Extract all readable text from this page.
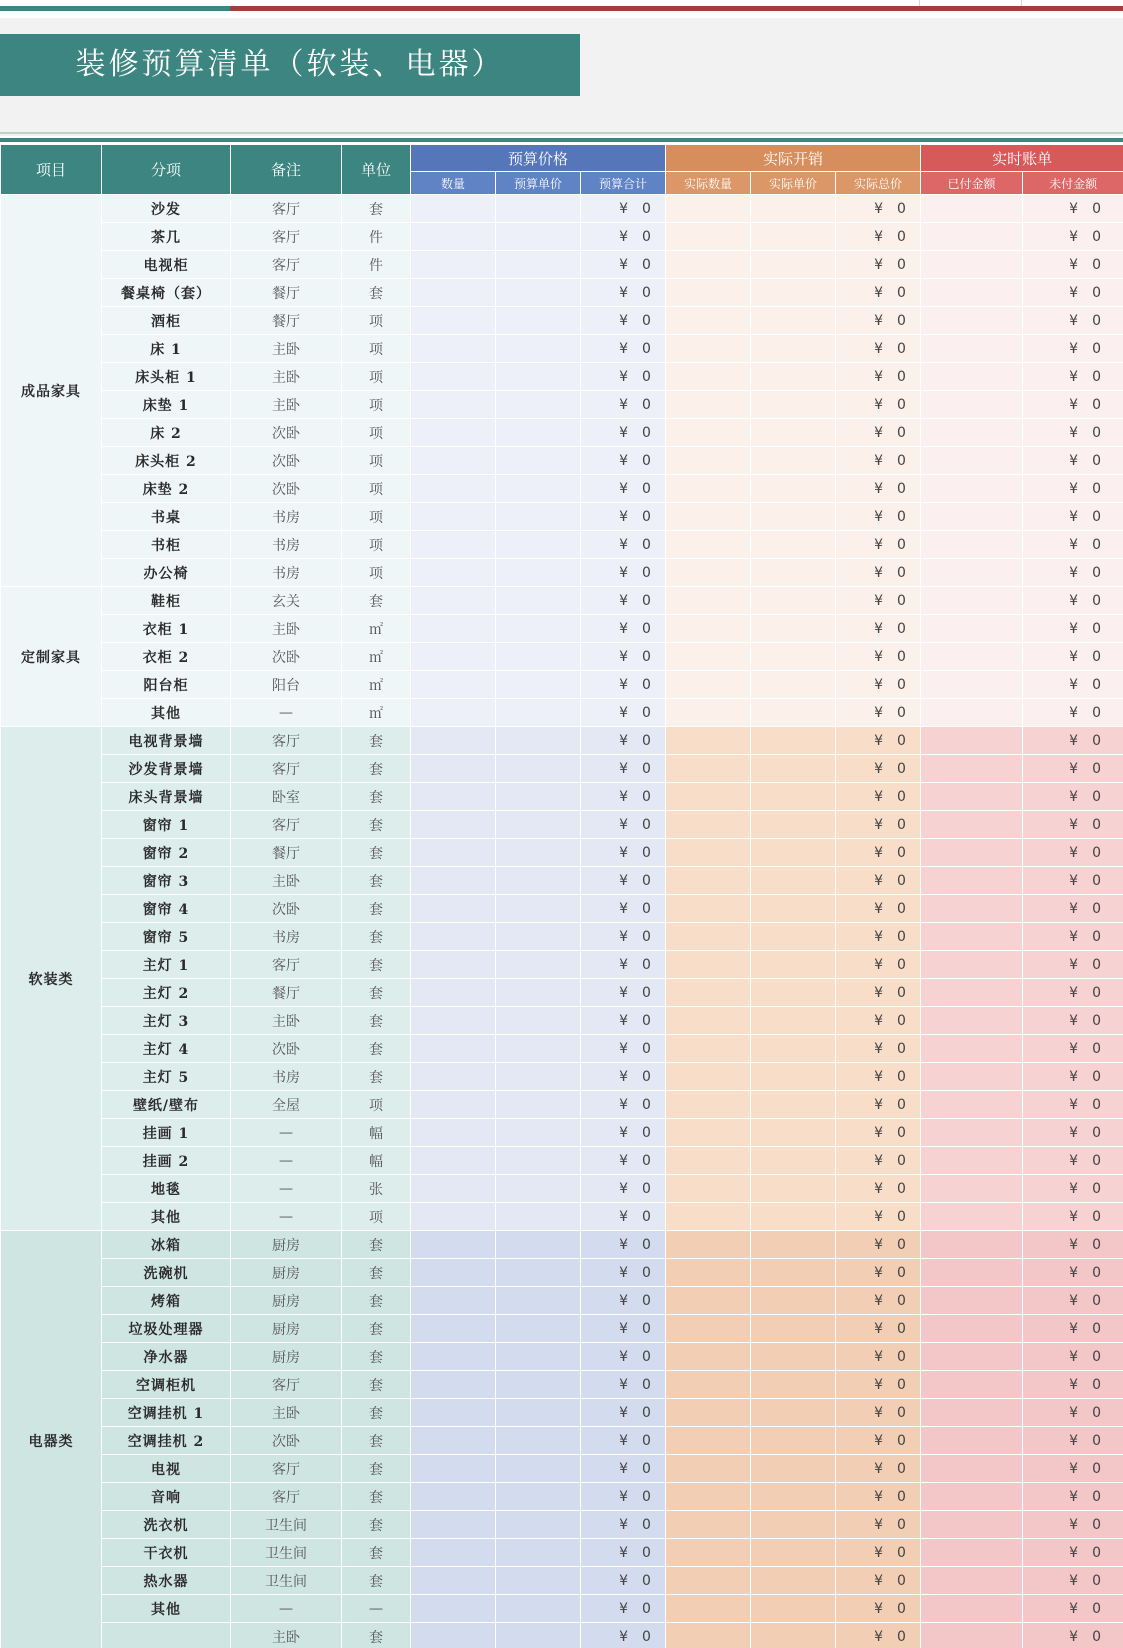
装修预算清单（软装、电器）
项目	分项	备注	单位	预算价格			实际开销			实时账单	
				数量	预算单价	预算合计	实际数量	实际单价	实际总价	已付金额	未付金额
成品家具	沙发	客厅	套			¥ 0			¥ 0		¥ 0
	茶几	客厅	件			¥ 0			¥ 0		¥ 0
	电视柜	客厅	件			¥ 0			¥ 0		¥ 0
	餐桌椅（套）	餐厅	套			¥ 0			¥ 0		¥ 0
	酒柜	餐厅	项			¥ 0			¥ 0		¥ 0
	床 1	主卧	项			¥ 0			¥ 0		¥ 0
	床头柜 1	主卧	项			¥ 0			¥ 0		¥ 0
	床垫 1	主卧	项			¥ 0			¥ 0		¥ 0
	床 2	次卧	项			¥ 0			¥ 0		¥ 0
	床头柜 2	次卧	项			¥ 0			¥ 0		¥ 0
	床垫 2	次卧	项			¥ 0			¥ 0		¥ 0
	书桌	书房	项			¥ 0			¥ 0		¥ 0
	书柜	书房	项			¥ 0			¥ 0		¥ 0
	办公椅	书房	项			¥ 0			¥ 0		¥ 0
定制家具	鞋柜	玄关	套			¥ 0			¥ 0		¥ 0
	衣柜 1	主卧	㎡			¥ 0			¥ 0		¥ 0
	衣柜 2	次卧	㎡			¥ 0			¥ 0		¥ 0
	阳台柜	阳台	㎡			¥ 0			¥ 0		¥ 0
	其他	—	㎡			¥ 0			¥ 0		¥ 0
软装类	电视背景墙	客厅	套			¥ 0			¥ 0		¥ 0
	沙发背景墙	客厅	套			¥ 0			¥ 0		¥ 0
	床头背景墙	卧室	套			¥ 0			¥ 0		¥ 0
	窗帘 1	客厅	套			¥ 0			¥ 0		¥ 0
	窗帘 2	餐厅	套			¥ 0			¥ 0		¥ 0
	窗帘 3	主卧	套			¥ 0			¥ 0		¥ 0
	窗帘 4	次卧	套			¥ 0			¥ 0		¥ 0
	窗帘 5	书房	套			¥ 0			¥ 0		¥ 0
	主灯 1	客厅	套			¥ 0			¥ 0		¥ 0
	主灯 2	餐厅	套			¥ 0			¥ 0		¥ 0
	主灯 3	主卧	套			¥ 0			¥ 0		¥ 0
	主灯 4	次卧	套			¥ 0			¥ 0		¥ 0
	主灯 5	书房	套			¥ 0			¥ 0		¥ 0
	壁纸/壁布	全屋	项			¥ 0			¥ 0		¥ 0
	挂画 1	—	幅			¥ 0			¥ 0		¥ 0
	挂画 2	—	幅			¥ 0			¥ 0		¥ 0
	地毯	—	张			¥ 0			¥ 0		¥ 0
	其他	—	项			¥ 0			¥ 0		¥ 0
电器类	冰箱	厨房	套			¥ 0			¥ 0		¥ 0
	洗碗机	厨房	套			¥ 0			¥ 0		¥ 0
	烤箱	厨房	套			¥ 0			¥ 0		¥ 0
	垃圾处理器	厨房	套			¥ 0			¥ 0		¥ 0
	净水器	厨房	套			¥ 0			¥ 0		¥ 0
	空调柜机	客厅	套			¥ 0			¥ 0		¥ 0
	空调挂机 1	主卧	套			¥ 0			¥ 0		¥ 0
	空调挂机 2	次卧	套			¥ 0			¥ 0		¥ 0
	电视	客厅	套			¥ 0			¥ 0		¥ 0
	音响	客厅	套			¥ 0			¥ 0		¥ 0
	洗衣机	卫生间	套			¥ 0			¥ 0		¥ 0
	干衣机	卫生间	套			¥ 0			¥ 0		¥ 0
	热水器	卫生间	套			¥ 0			¥ 0		¥ 0
	其他	—	—			¥ 0			¥ 0		¥ 0
		主卧	套			¥ 0			¥ 0		¥ 0
